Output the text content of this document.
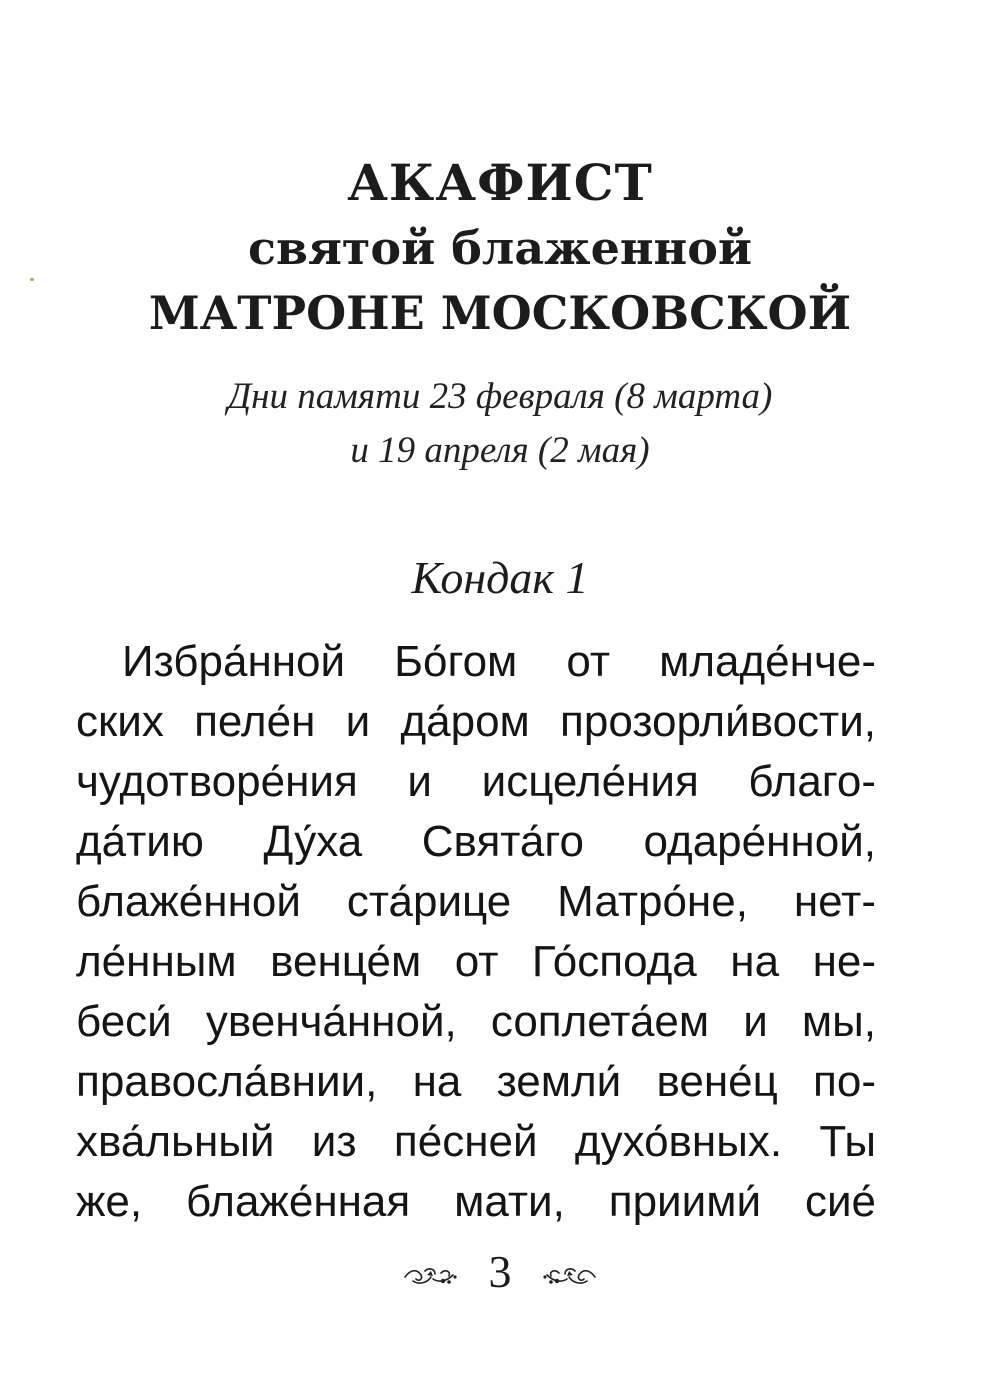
АКАФИСТ
святой блаженной
МАТРОНЕ МОСКОВСКОЙ
Дни памяти 23 февраля (8 марта)
и 19 апреля (2 мая)
Кондак 1
Избра́нной Бо́гом от младе́нче-
ских пеле́н и да́ром прозорли́вости,
чудотворе́ния и исцеле́ния благо-
да́тию Ду́ха Свята́го одаре́нной,
блаже́нной ста́рице Матро́не, нет-
ле́нным венце́м от Го́спода на не-
беси́ увенча́нной, соплета́ем и мы,
правосла́внии, на земли́ вене́ц по-
хва́льный из пе́сней духо́вных. Ты
же, блаже́нная мати, приими́ сие́
3
